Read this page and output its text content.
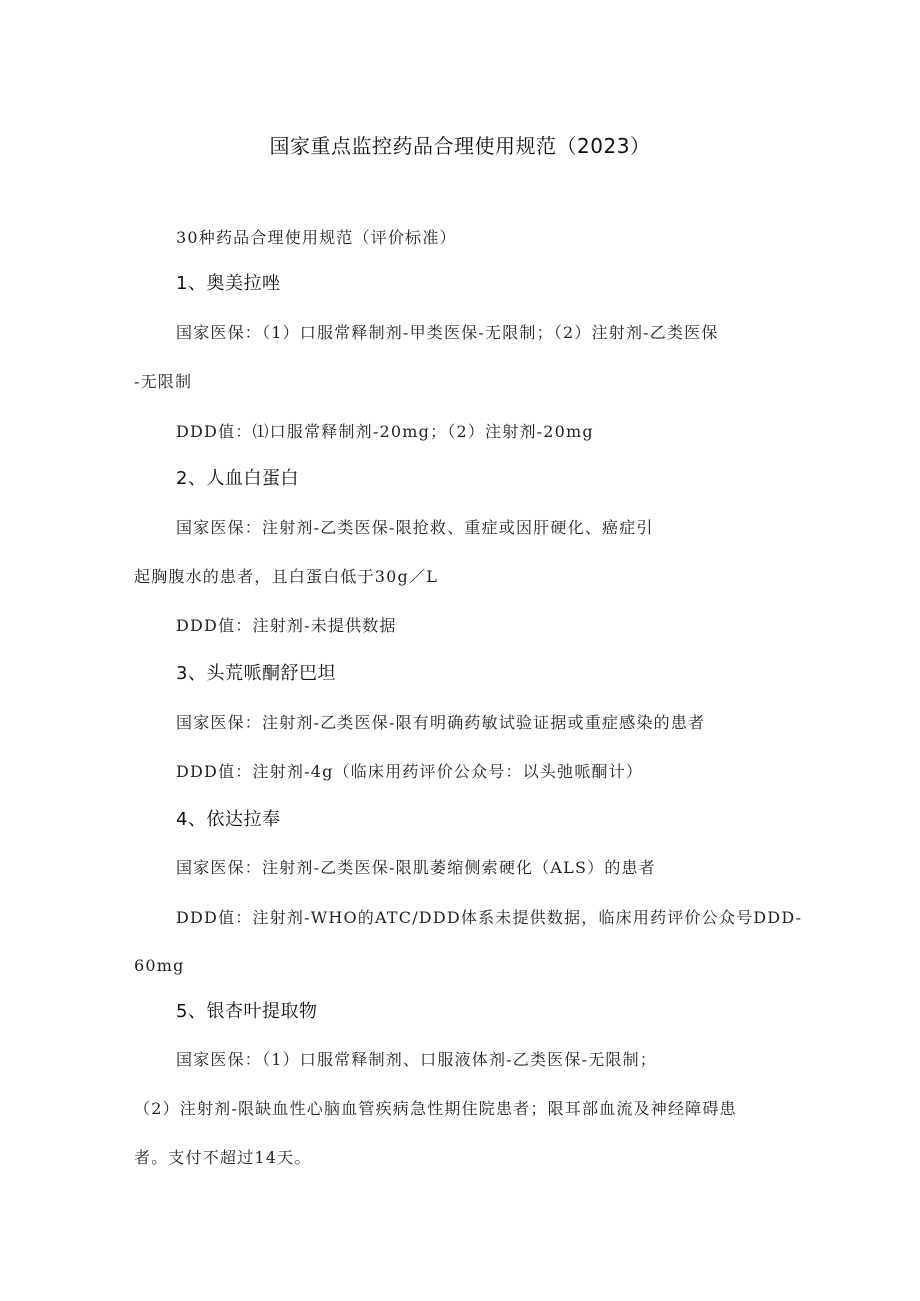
国家重点监控药品合理使用规范（2023）
30种药品合理使用规范（评价标准）
1、奥美拉唑
国家医保：（1）口服常释制剂-甲类医保-无限制；（2）注射剂-乙类医保
-无限制
DDD值：⑴口服常释制剂-20mg；（2）注射剂-20mg
2、人血白蛋白
国家医保：注射剂-乙类医保-限抢救、重症或因肝硬化、癌症引
起胸腹水的患者，且白蛋白低于30g／L
DDD值：注射剂-未提供数据
3、头荒哌酮舒巴坦
国家医保：注射剂-乙类医保-限有明确药敏试验证据或重症感染的患者
DDD值：注射剂-4g（临床用药评价公众号：以头弛哌酮计）
4、依达拉奉
国家医保：注射剂-乙类医保-限肌萎缩侧索硬化（ALS）的患者
DDD值：注射剂-WHO的ATC/DDD体系未提供数据，临床用药评价公众号DDD-
60mg
5、银杏叶提取物
国家医保：（1）口服常释制剂、口服液体剂-乙类医保-无限制；
（2）注射剂-限缺血性心脑血管疾病急性期住院患者；限耳部血流及神经障碍患
者。支付不超过14天。
